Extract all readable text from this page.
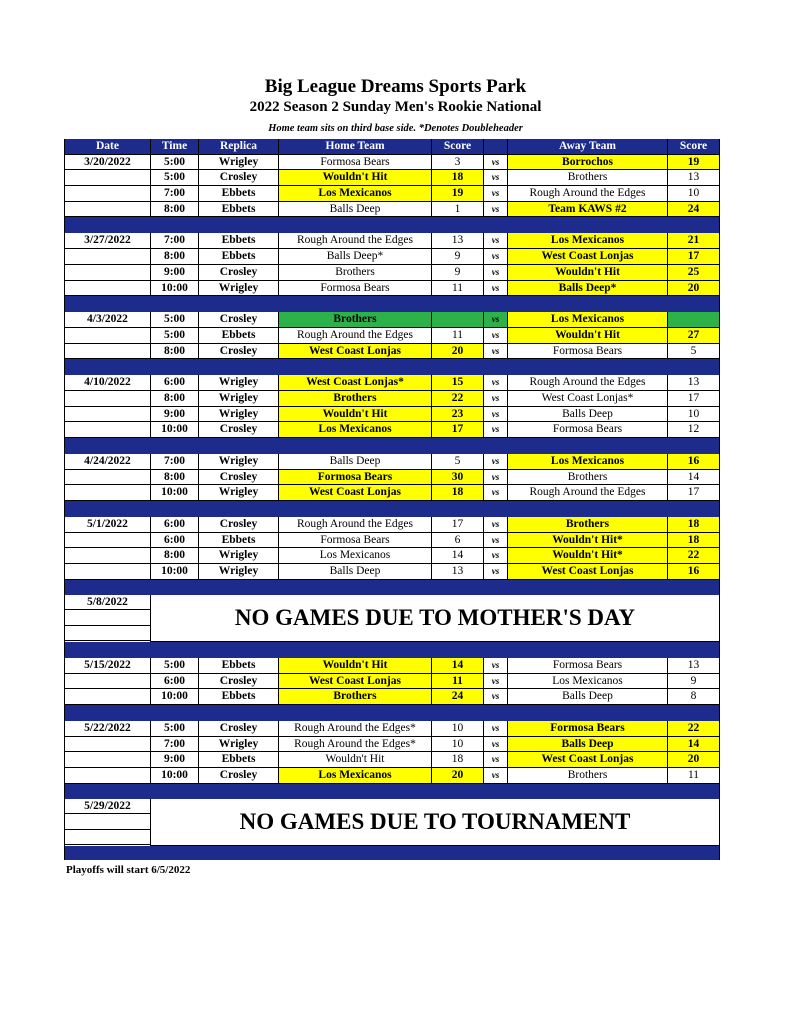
Big League Dreams Sports Park
2022 Season 2 Sunday Men's Rookie National
Home team sits on third base side. *Denotes Doubleheader
Date	Time	Replica	Home Team	Score	Away Team	Score
3/20/2022	5:00	Wrigley	Formosa Bears	3	vs	Borrochos	19
5:00	Crosley	Wouldn't Hit	18	vs	Brothers	13
7:00	Ebbets	Los Mexicanos	19	vs	Rough Around the Edges	10
8:00	Ebbets	Balls Deep	1	vs	Team KAWS #2	24
3/27/2022	7:00	Ebbets	Rough Around the Edges	13	vs	Los Mexicanos	21
8:00	Ebbets	Balls Deep*	9	vs	West Coast Lonjas	17
9:00	Crosley	Brothers	9	vs	Wouldn't Hit	25
10:00	Wrigley	Formosa Bears	11	vs	Balls Deep*	20
4/3/2022	5:00	Crosley	Brothers	vs	Los Mexicanos
5:00	Ebbets	Rough Around the Edges	11	vs	Wouldn't Hit	27
8:00	Crosley	West Coast Lonjas	20	vs	Formosa Bears	5
4/10/2022	6:00	Wrigley	West Coast Lonjas*	15	vs	Rough Around the Edges	13
8:00	Wrigley	Brothers	22	vs	West Coast Lonjas*	17
9:00	Wrigley	Wouldn't Hit	23	vs	Balls Deep	10
10:00	Crosley	Los Mexicanos	17	vs	Formosa Bears	12
4/24/2022	7:00	Wrigley	Balls Deep	5	vs	Los Mexicanos	16
8:00	Crosley	Formosa Bears	30	vs	Brothers	14
10:00	Wrigley	West Coast Lonjas	18	vs	Rough Around the Edges	17
5/1/2022	6:00	Crosley	Rough Around the Edges	17	vs	Brothers	18
6:00	Ebbets	Formosa Bears	6	vs	Wouldn't Hit*	18
8:00	Wrigley	Los Mexicanos	14	vs	Wouldn't Hit*	22
10:00	Wrigley	Balls Deep	13	vs	West Coast Lonjas	16
5/8/2022
NO GAMES DUE TO MOTHER'S DAY
5/15/2022	5:00	Ebbets	Wouldn't Hit	14	vs	Formosa Bears	13
6:00	Crosley	West Coast Lonjas	11	vs	Los Mexicanos	9
10:00	Ebbets	Brothers	24	vs	Balls Deep	8
5/22/2022	5:00	Crosley	Rough Around the Edges*	10	vs	Formosa Bears	22
7:00	Wrigley	Rough Around the Edges*	10	vs	Balls Deep	14
9:00	Ebbets	Wouldn't Hit	18	vs	West Coast Lonjas	20
10:00	Crosley	Los Mexicanos	20	vs	Brothers	11
5/29/2022
NO GAMES DUE TO TOURNAMENT
Playoffs will start 6/5/2022
